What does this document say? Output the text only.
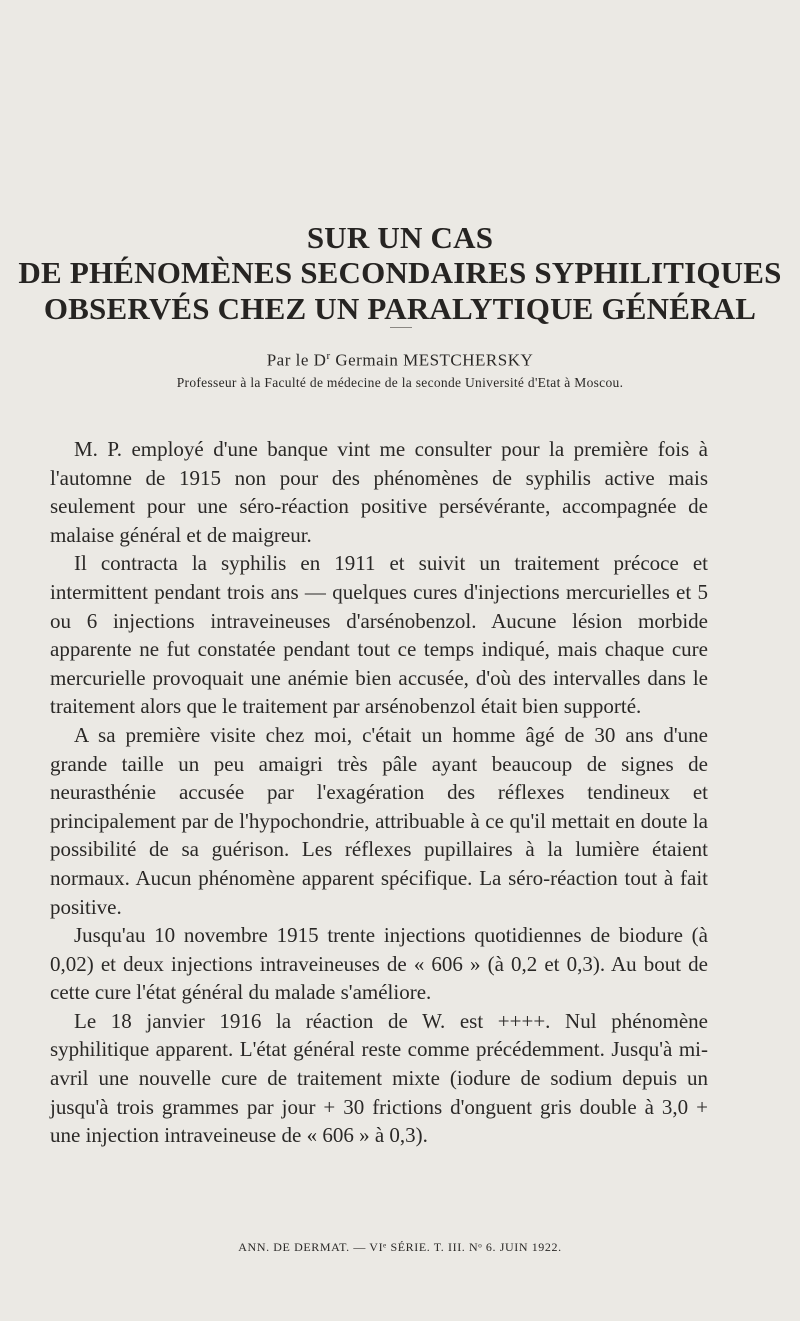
SUR UN CAS
DE PHÉNOMÈNES SECONDAIRES SYPHILITIQUES
OBSERVÉS CHEZ UN PARALYTIQUE GÉNÉRAL
Par le $D^r$ Germain MESTCHERSKY
Professeur à la Faculté de médecine de la seconde Université d'Etat à Moscou.

M. P. employé d'une banque vint me consulter pour la première fois à l'automne de 1915 non pour des phénomènes de syphilis active mais seulement pour une séro-réaction positive persévérante, accompagnée de malaise général et de maigreur.

Il contracta la syphilis en 1911 et suivit un traitement précoce et intermittent pendant trois ans — quelques cures d'injections mercurielles et 5 ou 6 injections intraveineuses d'arsénobenzol. Aucune lésion morbide apparente ne fut constatée pendant tout ce temps indiqué, mais chaque cure mercurielle provoquait une anémie bien accusée, d'où des intervalles dans le traitement alors que le traitement par arsénobenzol était bien supporté.

A sa première visite chez moi, c'était un homme âgé de 30 ans d'une grande taille un peu amaigri très pâle ayant beaucoup de signes de neurasthénie accusée par l'exagération des réflexes tendineux et principalement par de l'hypochondrie, attribuable à ce qu'il mettait en doute la possibilité de sa guérison. Les réflexes pupillaires à la lumière étaient normaux. Aucun phénomène apparent spécifique. La séro-réaction tout à fait positive.

Jusqu'au 10 novembre 1915 trente injections quotidiennes de biodure (à 0,02) et deux injections intraveineuses de « 606 » (à 0,2 et 0,3). Au bout de cette cure l'état général du malade s'améliore.

Le 18 janvier 1916 la réaction de W. est ++++. Nul phénomène syphilitique apparent. L'état général reste comme précédemment. Jusqu'à mi-avril une nouvelle cure de traitement mixte (iodure de sodium depuis un jusqu'à trois grammes par jour + 30 frictions d'onguent gris double à 3,0 + une injection intraveineuse de « 606 » à 0,3).

ANN. DE DERMAT. — VIᵉ SÉRIE. T. III. Nᵒ 6. JUIN 1922.
